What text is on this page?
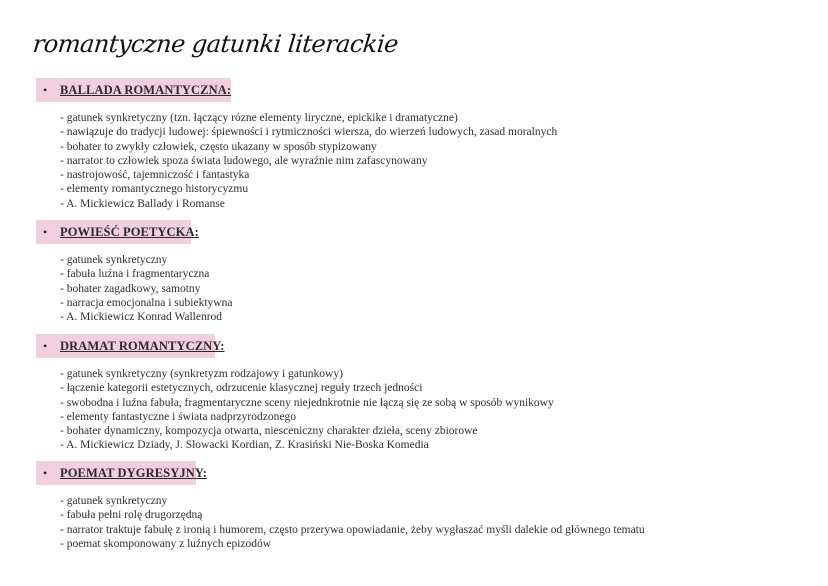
romantyczne gatunki literackie
• BALLADA ROMANTYCZNA:
- gatunek synkretyczny (tzn. łączący rózne elementy liryczne, epickike i dramatyczne)
- nawiązuje do tradycji ludowej: śpiewności i rytmiczności wiersza, do wierzeń ludowych, zasad moralnych
- bohater to zwykły człowiek, często ukazany w sposób stypizowany
- narrator to człowiek spoza świata ludowego, ale wyraźnie nim zafascynowany
- nastrojowość, tajemniczość i fantastyka
- elementy romantycznego historycyzmu
- A. Mickiewicz Ballady i Romanse
• POWIEŚĆ POETYCKA:
- gatunek synkretyczny
- fabuła luźna i fragmentaryczna
- bohater zagadkowy, samotny
- narracja emocjonalna i subiektywna
- A. Mickiewicz Konrad Wallenrod
• DRAMAT ROMANTYCZNY:
- gatunek synkretyczny (synkretyzm rodzajowy i gatunkowy)
- łączenie kategorii estetycznych, odrzucenie klasycznej reguły trzech jedności
- swobodna i luźna fabuła, fragmentaryczne sceny niejednkrotnie nie łączą się ze sobą w sposób wynikowy
- elementy fantastyczne i świata nadprzyrodzonego
- bohater dynamiczny, kompozycja otwarta, niesceniczny charakter dzieła, sceny zbiorowe
- A. Mickiewicz Dziady, J. Słowacki Kordian, Z. Krasiński Nie-Boska Komedia
• POEMAT DYGRESYJNY:
- gatunek synkretyczny
- fabuła pełni rolę drugorzędną
- narrator traktuje fabułę z ironią i humorem, często przerywa opowiadanie, żeby wygłaszać myśli dalekie od głównego tematu
- poemat skomponowany z luźnych epizodów
